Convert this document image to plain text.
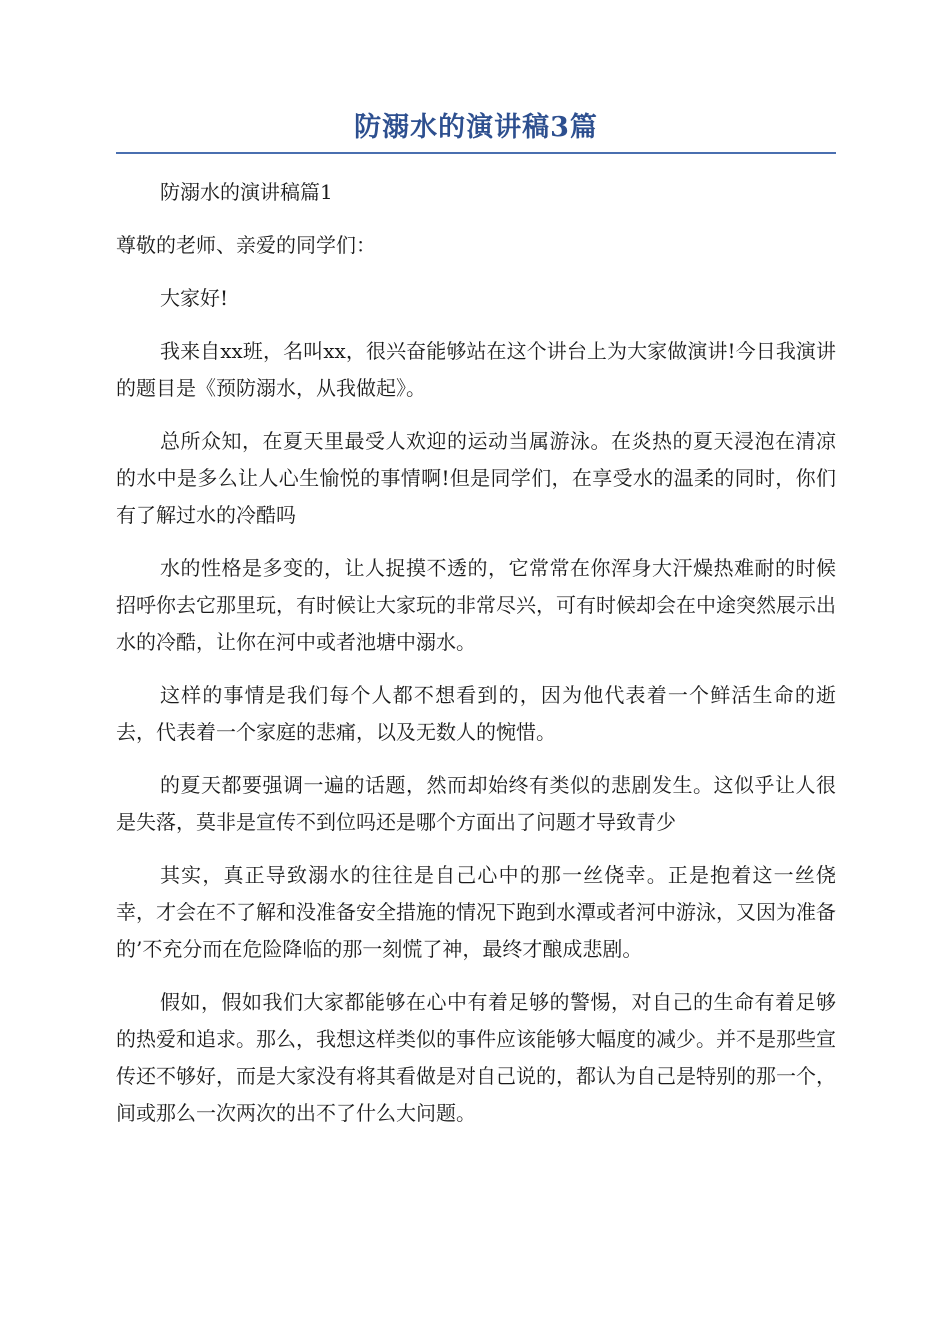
防溺水的演讲稿3篇

防溺水的演讲稿篇1

尊敬的老师、亲爱的同学们：

大家好!

我来自xx班，名叫xx，很兴奋能够站在这个讲台上为大家做演讲!今日我演讲的题目是《预防溺水，从我做起》。

总所众知，在夏天里最受人欢迎的运动当属游泳。在炎热的夏天浸泡在清凉的水中是多么让人心生愉悦的事情啊!但是同学们，在享受水的温柔的同时，你们有了解过水的冷酷吗

水的性格是多变的，让人捉摸不透的，它常常在你浑身大汗燥热难耐的时候招呼你去它那里玩，有时候让大家玩的非常尽兴，可有时候却会在中途突然展示出水的冷酷，让你在河中或者池塘中溺水。

这样的事情是我们每个人都不想看到的，因为他代表着一个鲜活生命的逝去，代表着一个家庭的悲痛，以及无数人的惋惜。

的夏天都要强调一遍的话题，然而却始终有类似的悲剧发生。这似乎让人很是失落，莫非是宣传不到位吗还是哪个方面出了问题才导致青少

其实，真正导致溺水的往往是自己心中的那一丝侥幸。正是抱着这一丝侥幸，才会在不了解和没准备安全措施的情况下跑到水潭或者河中游泳，又因为准备的’不充分而在危险降临的那一刻慌了神，最终才酿成悲剧。

假如，假如我们大家都能够在心中有着足够的警惕，对自己的生命有着足够的热爱和追求。那么，我想这样类似的事件应该能够大幅度的减少。并不是那些宣传还不够好，而是大家没有将其看做是对自己说的，都认为自己是特别的那一个，间或那么一次两次的出不了什么大问题。
